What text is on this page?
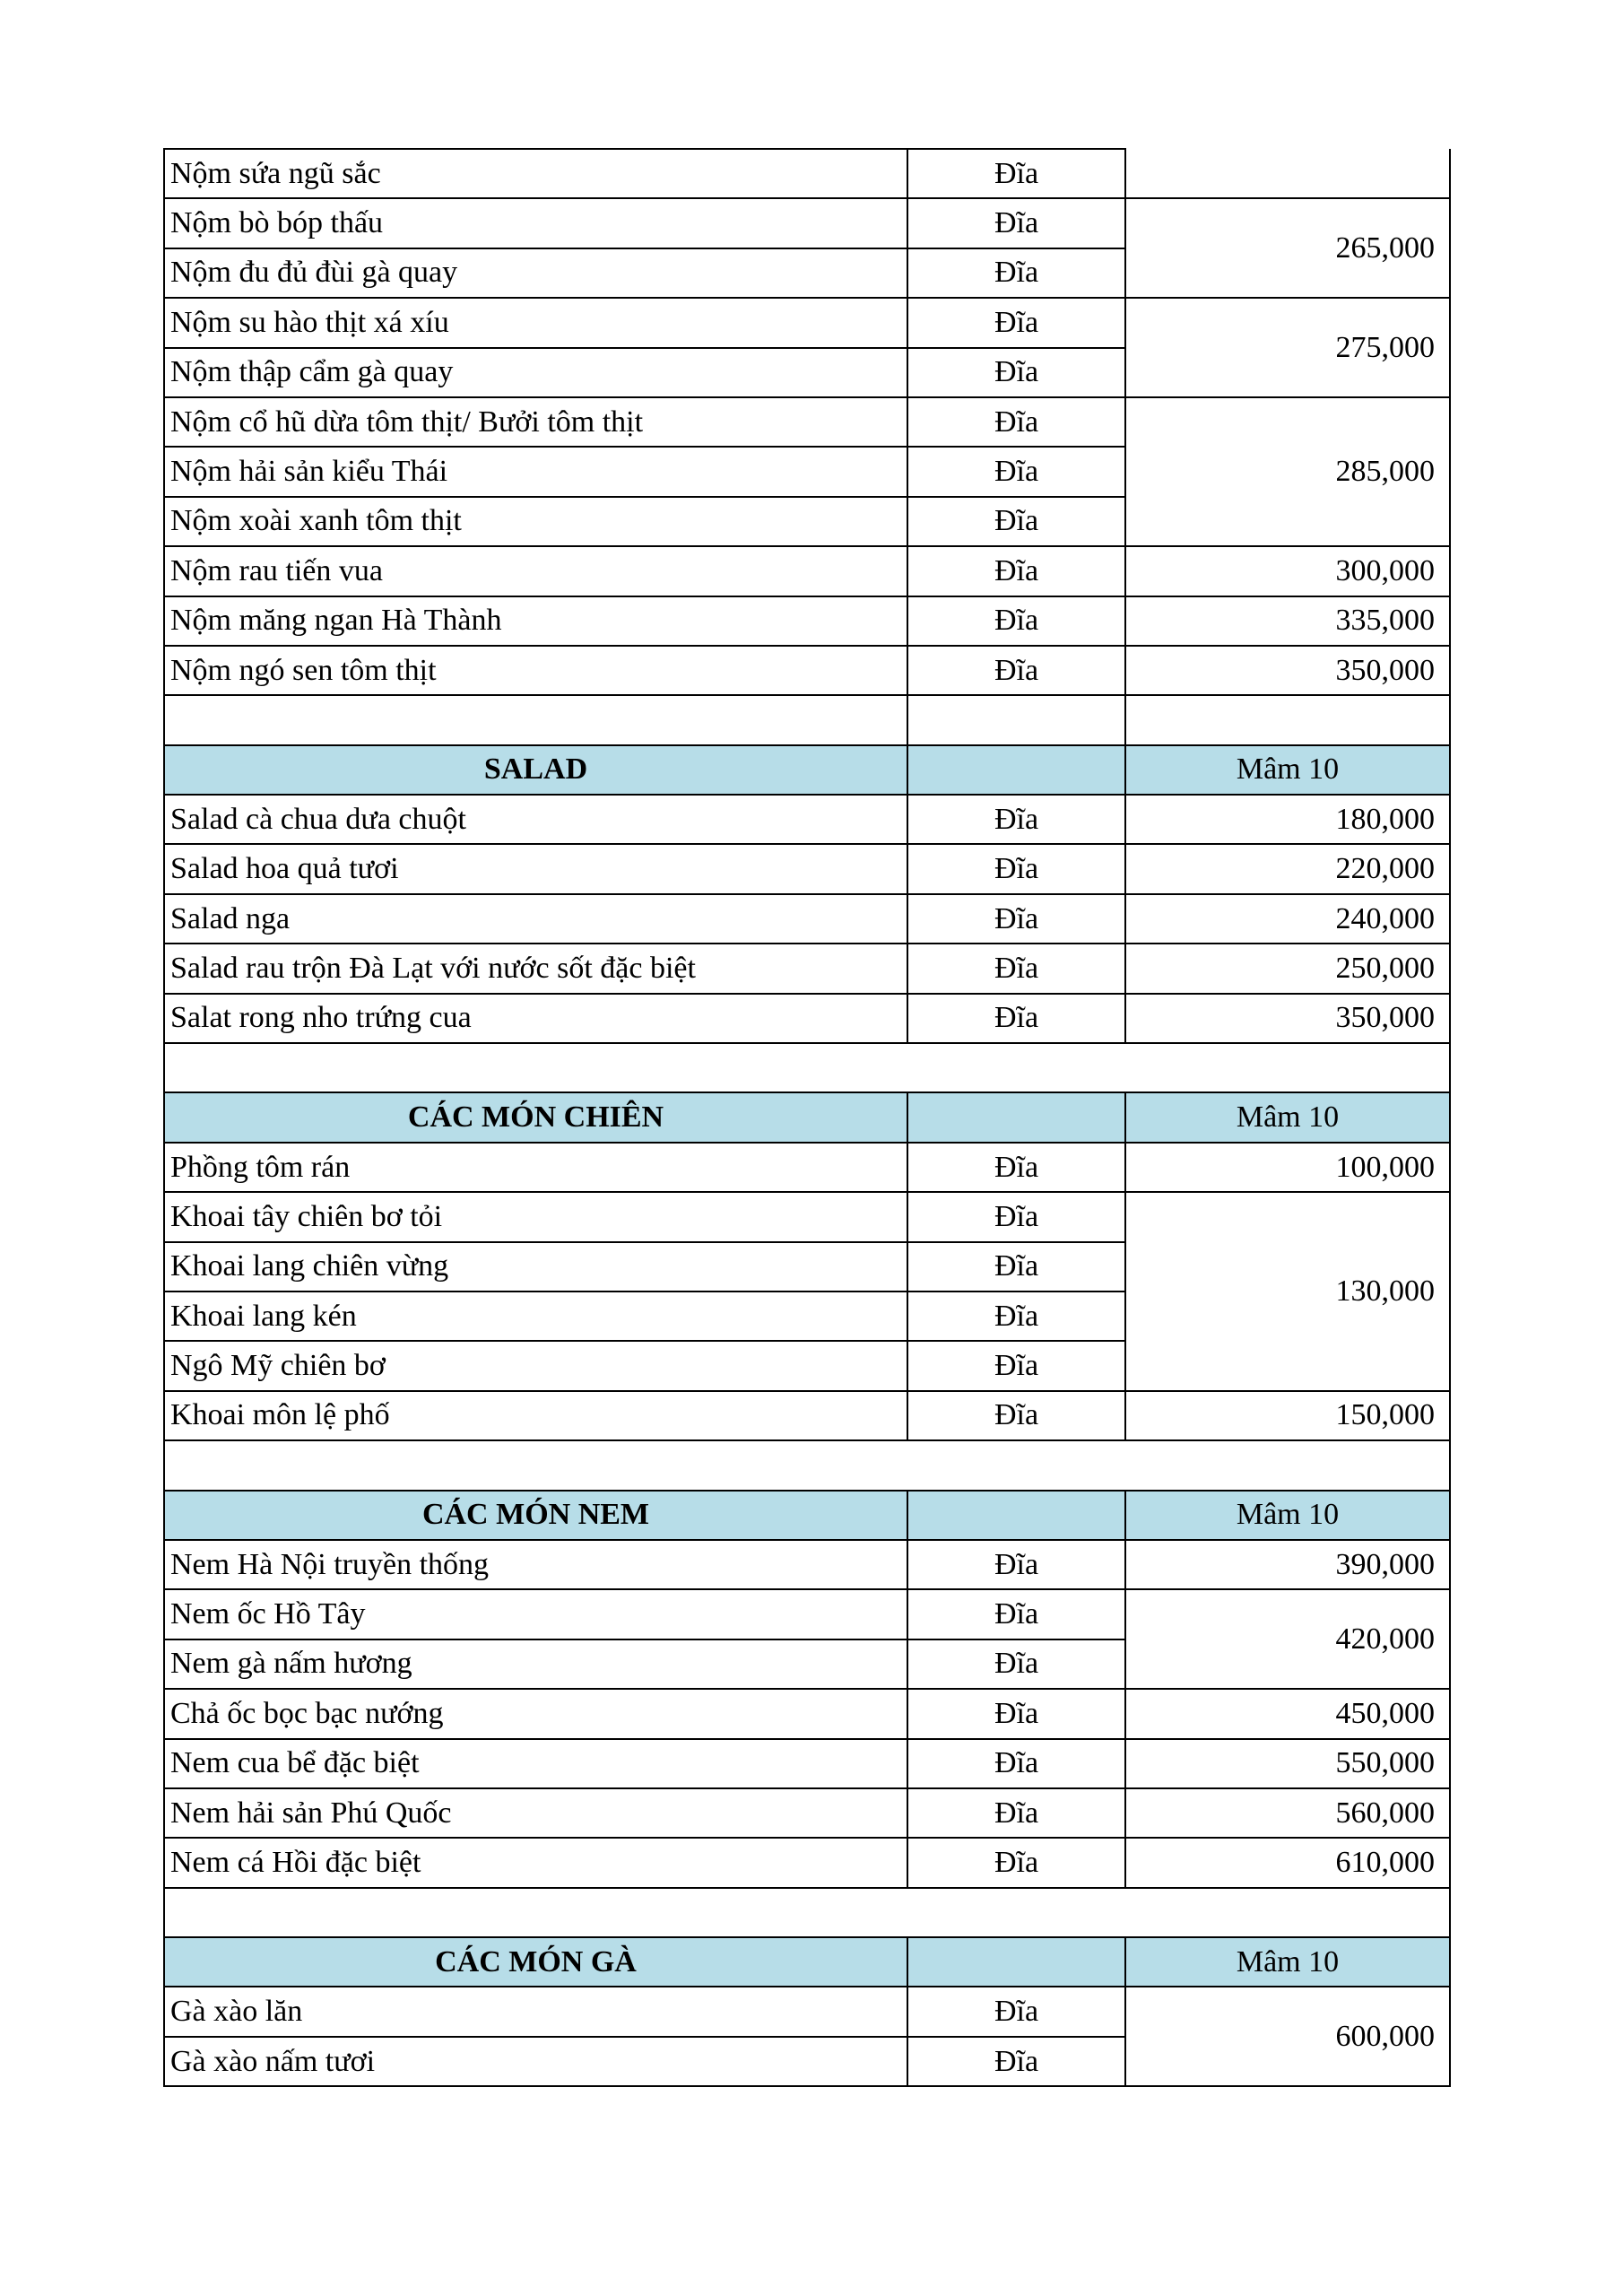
Nộm sứa ngũ sắc	Đĩa	
Nộm bò bóp thấu	Đĩa	265,000
Nộm đu đủ đùi gà quay	Đĩa	
Nộm su hào thịt xá xíu	Đĩa	275,000
Nộm thập cẩm gà quay	Đĩa	
Nộm cổ hũ dừa tôm thịt/ Bưởi tôm thịt	Đĩa	285,000
Nộm hải sản kiểu Thái	Đĩa	
Nộm xoài xanh tôm thịt	Đĩa	
Nộm rau tiến vua	Đĩa	300,000
Nộm măng ngan Hà Thành	Đĩa	335,000
Nộm ngó sen tôm thịt	Đĩa	350,000

SALAD		Mâm 10
Salad cà chua dưa chuột	Đĩa	180,000
Salad hoa quả tươi	Đĩa	220,000
Salad nga	Đĩa	240,000
Salad rau trộn Đà Lạt với nước sốt đặc biệt	Đĩa	250,000
Salat rong nho trứng cua	Đĩa	350,000

CÁC MÓN CHIÊN		Mâm 10
Phồng tôm rán	Đĩa	100,000
Khoai tây chiên bơ tỏi	Đĩa	130,000
Khoai lang chiên vừng	Đĩa	
Khoai lang kén	Đĩa	
Ngô Mỹ chiên bơ	Đĩa	
Khoai môn lệ phố	Đĩa	150,000

CÁC MÓN NEM		Mâm 10
Nem Hà Nội truyền thống	Đĩa	390,000
Nem ốc Hồ Tây	Đĩa	420,000
Nem gà nấm hương	Đĩa	
Chả ốc bọc bạc nướng	Đĩa	450,000
Nem cua bể đặc biệt	Đĩa	550,000
Nem hải sản Phú Quốc	Đĩa	560,000
Nem cá Hồi đặc biệt	Đĩa	610,000

CÁC MÓN GÀ		Mâm 10
Gà xào lăn	Đĩa	600,000
Gà xào nấm tươi	Đĩa	
